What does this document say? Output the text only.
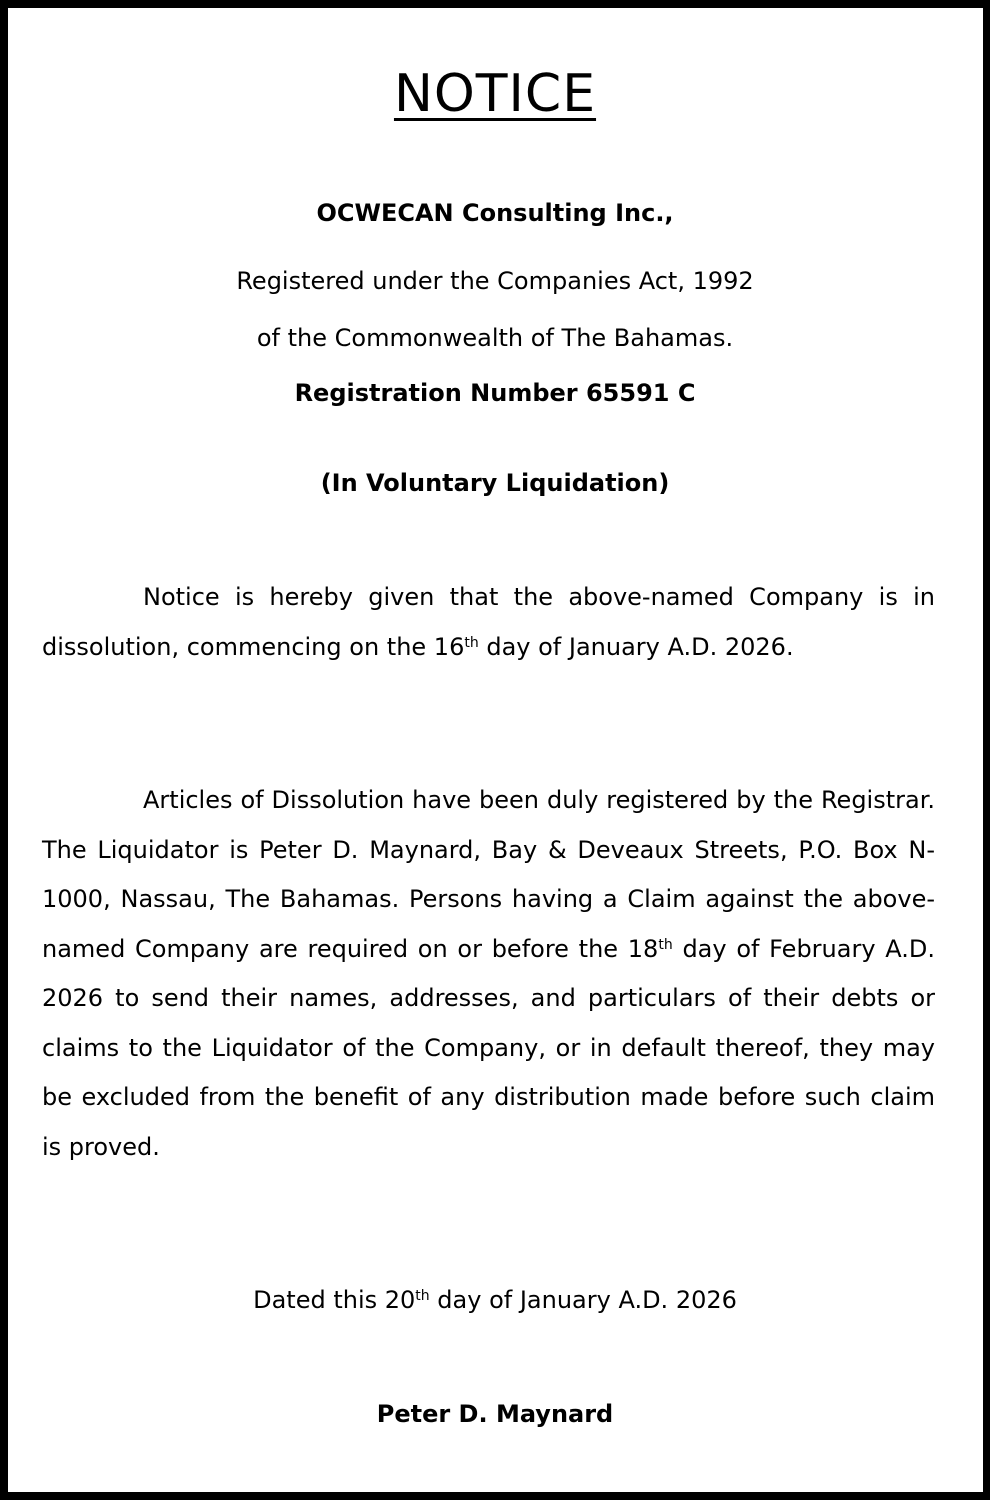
NOTICE
OCWECAN Consulting Inc.,
Registered under the Companies Act, 1992
of the Commonwealth of The Bahamas.
Registration Number 65591 C
(In Voluntary Liquidation)

Notice is hereby given that the above-named Company is in dissolution, commencing on the 16th day of January A.D. 2026.

Articles of Dissolution have been duly registered by the Registrar. The Liquidator is Peter D. Maynard, Bay & Deveaux Streets, P.O. Box N-1000, Nassau, The Bahamas. Persons having a Claim against the above-named Company are required on or before the 18th day of February A.D. 2026 to send their names, addresses, and particulars of their debts or claims to the Liquidator of the Company, or in default thereof, they may be excluded from the benefit of any distribution made before such claim is proved.

Dated this 20th day of January A.D. 2026
Peter D. Maynard
